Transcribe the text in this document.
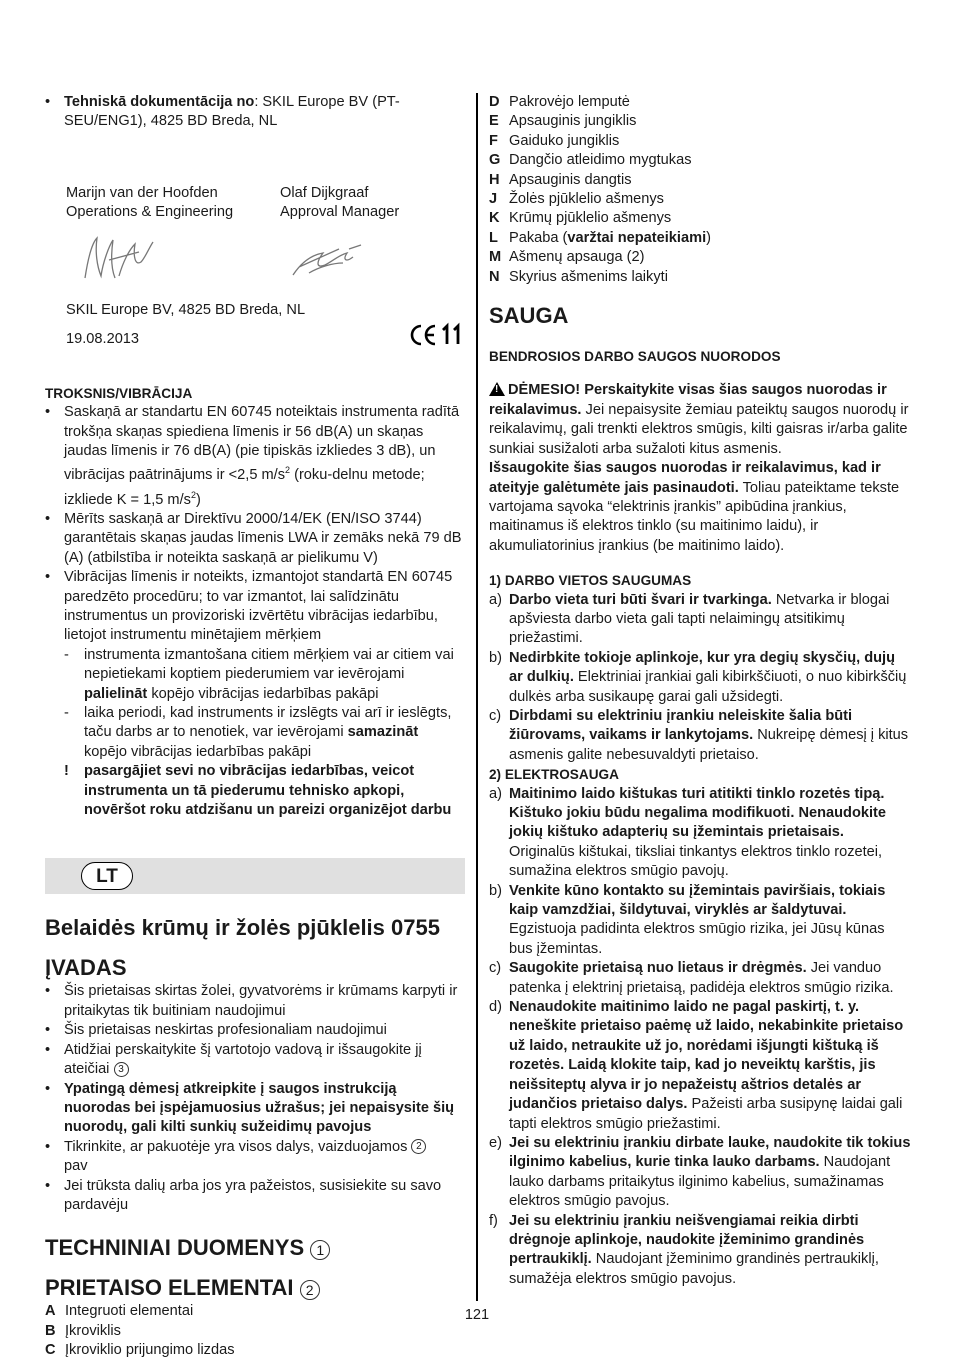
• Tehniskā dokumentācija no: SKIL Europe BV (PT-SEU/ENG1), 4825 BD Breda, NL
Marijn van der Hoofden
Operations & Engineering
Olaf Dijkgraaf
Approval Manager
SKIL Europe BV, 4825 BD Breda, NL
19.08.2013
TROKSNIS/VIBRĀCIJA
• Saskaņā ar standartu EN 60745 noteiktais instrumenta radītā trokšņa skaņas spiediena līmenis ir 56 dB(A) un skaņas jaudas līmenis ir 76 dB(A) (pie tipiskās izkliedes 3 dB), un vibrācijas paātrinājums ir <2,5 $m/s^2$ (roku-delnu metode; izkliede K = 1,5 $m/s^2$)
• Mērīts saskaņā ar Direktīvu 2000/14/EK (EN/ISO 3744) garantētais skaņas jaudas līmenis LWA ir zemāks nekā 79 dB (A) (atbilstība ir noteikta saskaņā ar pielikumu V)
• Vibrācijas līmenis ir noteikts, izmantojot standartā EN 60745 paredzēto procedūru; to var izmantot, lai salīdzinātu instrumentus un provizoriski izvērtētu vibrācijas iedarbību, lietojot instrumentu minētajiem mērķiem
- instrumenta izmantošana citiem mērķiem vai ar citiem vai nepietiekami koptiem piederumiem var ievērojami palielināt kopējo vibrācijas iedarbības pakāpi
- laika periodi, kad instruments ir izslēgts vai arī ir ieslēgts, taču darbs ar to nenotiek, var ievērojami samazināt kopējo vibrācijas iedarbības pakāpi
! pasargājiet sevi no vibrācijas iedarbības, veicot instrumenta un tā piederumu tehnisko apkopi, novēršot roku atdzišanu un pareizi organizējot darbu
LT
Belaidės krūmų ir žolės pjūklelis 0755
ĮVADAS
• Šis prietaisas skirtas žolei, gyvatvorėms ir krūmams karpyti ir pritaikytas tik buitiniam naudojimui
• Šis prietaisas neskirtas profesionaliam naudojimui
• Atidžiai perskaitykite šį vartotojo vadovą ir išsaugokite jį ateičiai 3
• Ypatingą dėmesį atkreipkite į saugos instrukciją nuorodas bei įspėjamuosius užrašus; jei nepaisysite šių nuorodų, gali kilti sunkių sužeidimų pavojus
• Tikrinkite, ar pakuotėje yra visos dalys, vaizduojamos 2
pav
• Jei trūksta dalių arba jos yra pažeistos, susisiekite su savo pardavėju
TECHNINIAI DUOMENYS 1
PRIETAISO ELEMENTAI 2
A Integruoti elementai
B Įkroviklis
C Įkroviklio prijungimo lizdas
D Pakrovėjo lemputė
E Apsauginis jungiklis
F Gaiduko jungiklis
G Dangčio atleidimo mygtukas
H Apsauginis dangtis
J Žolės pjūklelio ašmenys
K Krūmų pjūklelio ašmenys
L Pakaba (varžtai nepateikiami)
M Ašmenų apsauga (2)
N Skyrius ašmenims laikyti
SAUGA
BENDROSIOS DARBO SAUGOS NUORODOS
!DĖMESIO! Perskaitykite visas šias saugos nuorodas ir reikalavimus. Jei nepaisysite žemiau pateiktų saugos nuorodų ir reikalavimų, gali trenkti elektros smūgis, kilti gaisras ir/arba galite sunkiai susižaloti arba sužaloti kitus asmenis.
Išsaugokite šias saugos nuorodas ir reikalavimus, kad ir ateityje galėtumėte jais pasinaudoti. Toliau pateiktame tekste vartojama sąvoka “elektrinis įrankis” apibūdina įrankius, maitinamus iš elektros tinklo (su maitinimo laidu), ir akumuliatorinius įrankius (be maitinimo laido).
1) DARBO VIETOS SAUGUMAS
a) Darbo vieta turi būti švari ir tvarkinga. Netvarka ir blogai apšviesta darbo vieta gali tapti nelaimingų atsitikimų priežastimi.
b) Nedirbkite tokioje aplinkoje, kur yra degių skysčių, dujų ar dulkių. Elektriniai įrankiai gali kibirkščiuoti, o nuo kibirkščių dulkės arba susikaupę garai gali užsidegti.
c) Dirbdami su elektriniu įrankiu neleiskite šalia būti žiūrovams, vaikams ir lankytojams. Nukreipę dėmesį į kitus asmenis galite nebesuvaldyti prietaiso.
2) ELEKTROSAUGA
a) Maitinimo laido kištukas turi atitikti tinklo rozetės tipą. Kištuko jokiu būdu negalima modifikuoti. Nenaudokite jokių kištuko adapterių su įžemintais prietaisais. Originalūs kištukai, tiksliai tinkantys elektros tinklo rozetei, sumažina elektros smūgio pavojų.
b) Venkite kūno kontakto su įžemintais paviršiais, tokiais kaip vamzdžiai, šildytuvai, viryklės ar šaldytuvai. Egzistuoja padidinta elektros smūgio rizika, jei Jūsų kūnas bus įžemintas.
c) Saugokite prietaisą nuo lietaus ir drėgmės. Jei vanduo patenka į elektrinį prietaisą, padidėja elektros smūgio rizika.
d) Nenaudokite maitinimo laido ne pagal paskirtį, t. y. neneškite prietaiso paėmę už laido, nekabinkite prietaiso už laido, netraukite už jo, norėdami išjungti kištuką iš rozetės. Laidą klokite taip, kad jo neveiktų karštis, jis neišsiteptų alyva ir jo nepažeistų aštrios detalės ar judančios prietaiso dalys. Pažeisti arba susipynę laidai gali tapti elektros smūgio priežastimi.
e) Jei su elektriniu įrankiu dirbate lauke, naudokite tik tokius ilginimo kabelius, kurie tinka lauko darbams. Naudojant lauko darbams pritaikytus ilginimo kabelius, sumažinamas elektros smūgio pavojus.
f) Jei su elektriniu įrankiu neišvengiamai reikia dirbti drėgnoje aplinkoje, naudokite įžeminimo grandinės pertraukiklį. Naudojant įžeminimo grandinės pertraukiklį, sumažėja elektros smūgio pavojus.
121
